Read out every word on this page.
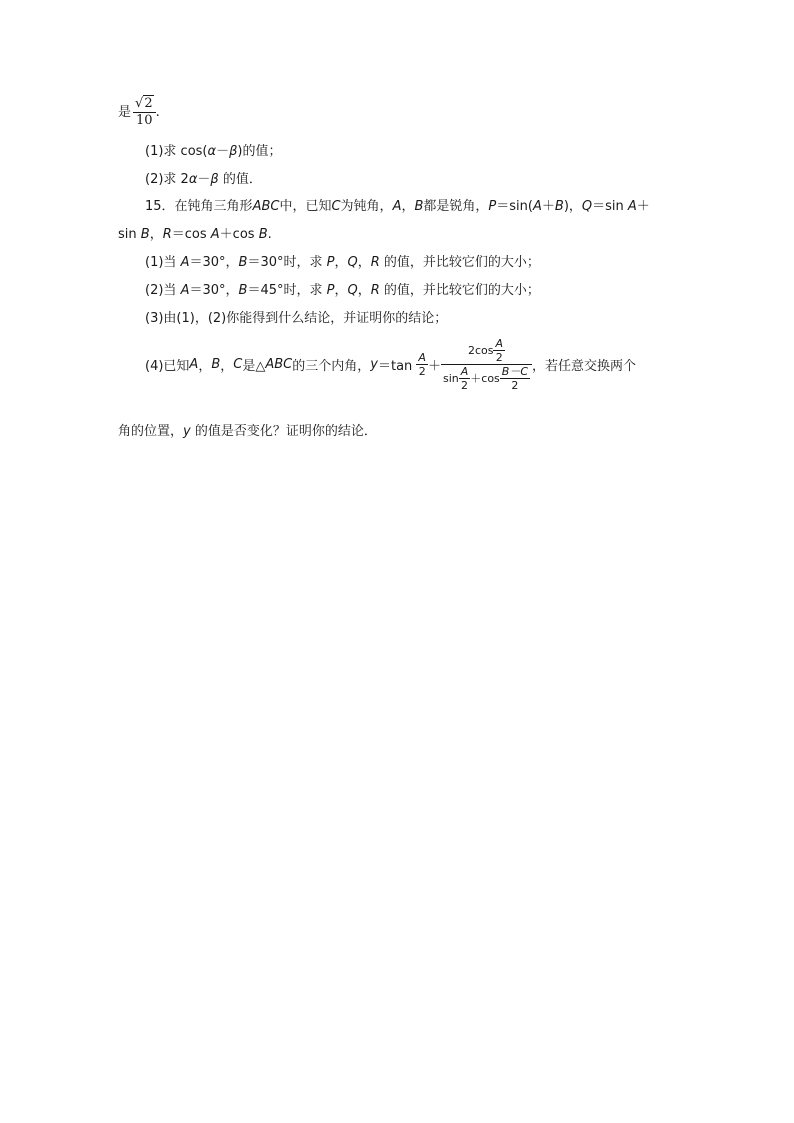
是 $\frac{√2}{10}$ .
(1)求 cos(α－β)的值；
(2)求 2α－β 的值．
15．在钝角三角形ABC中，已知C为钝角，A，B都是锐角，P＝sin(A＋B)，Q＝sin A＋
sin B，R＝cos A＋cos B.
(1)当 A＝30°，B＝30°时，求 P，Q，R 的值，并比较它们的大小；
(2)当 A＝30°，B＝45°时，求 P，Q，R 的值，并比较它们的大小；
(3)由(1)，(2)你能得到什么结论，并证明你的结论；
(4)已知A，B，C是△ABC的三个内角，$y=\tan \frac{A}{2}$ ＋
$2\cos \frac{A}{2}$
$\sin \frac{A}{2} +\cos \frac{B-C}{2}$ ，若任意交换两个
角的位置，y 的值是否变化？证明你的结论．
